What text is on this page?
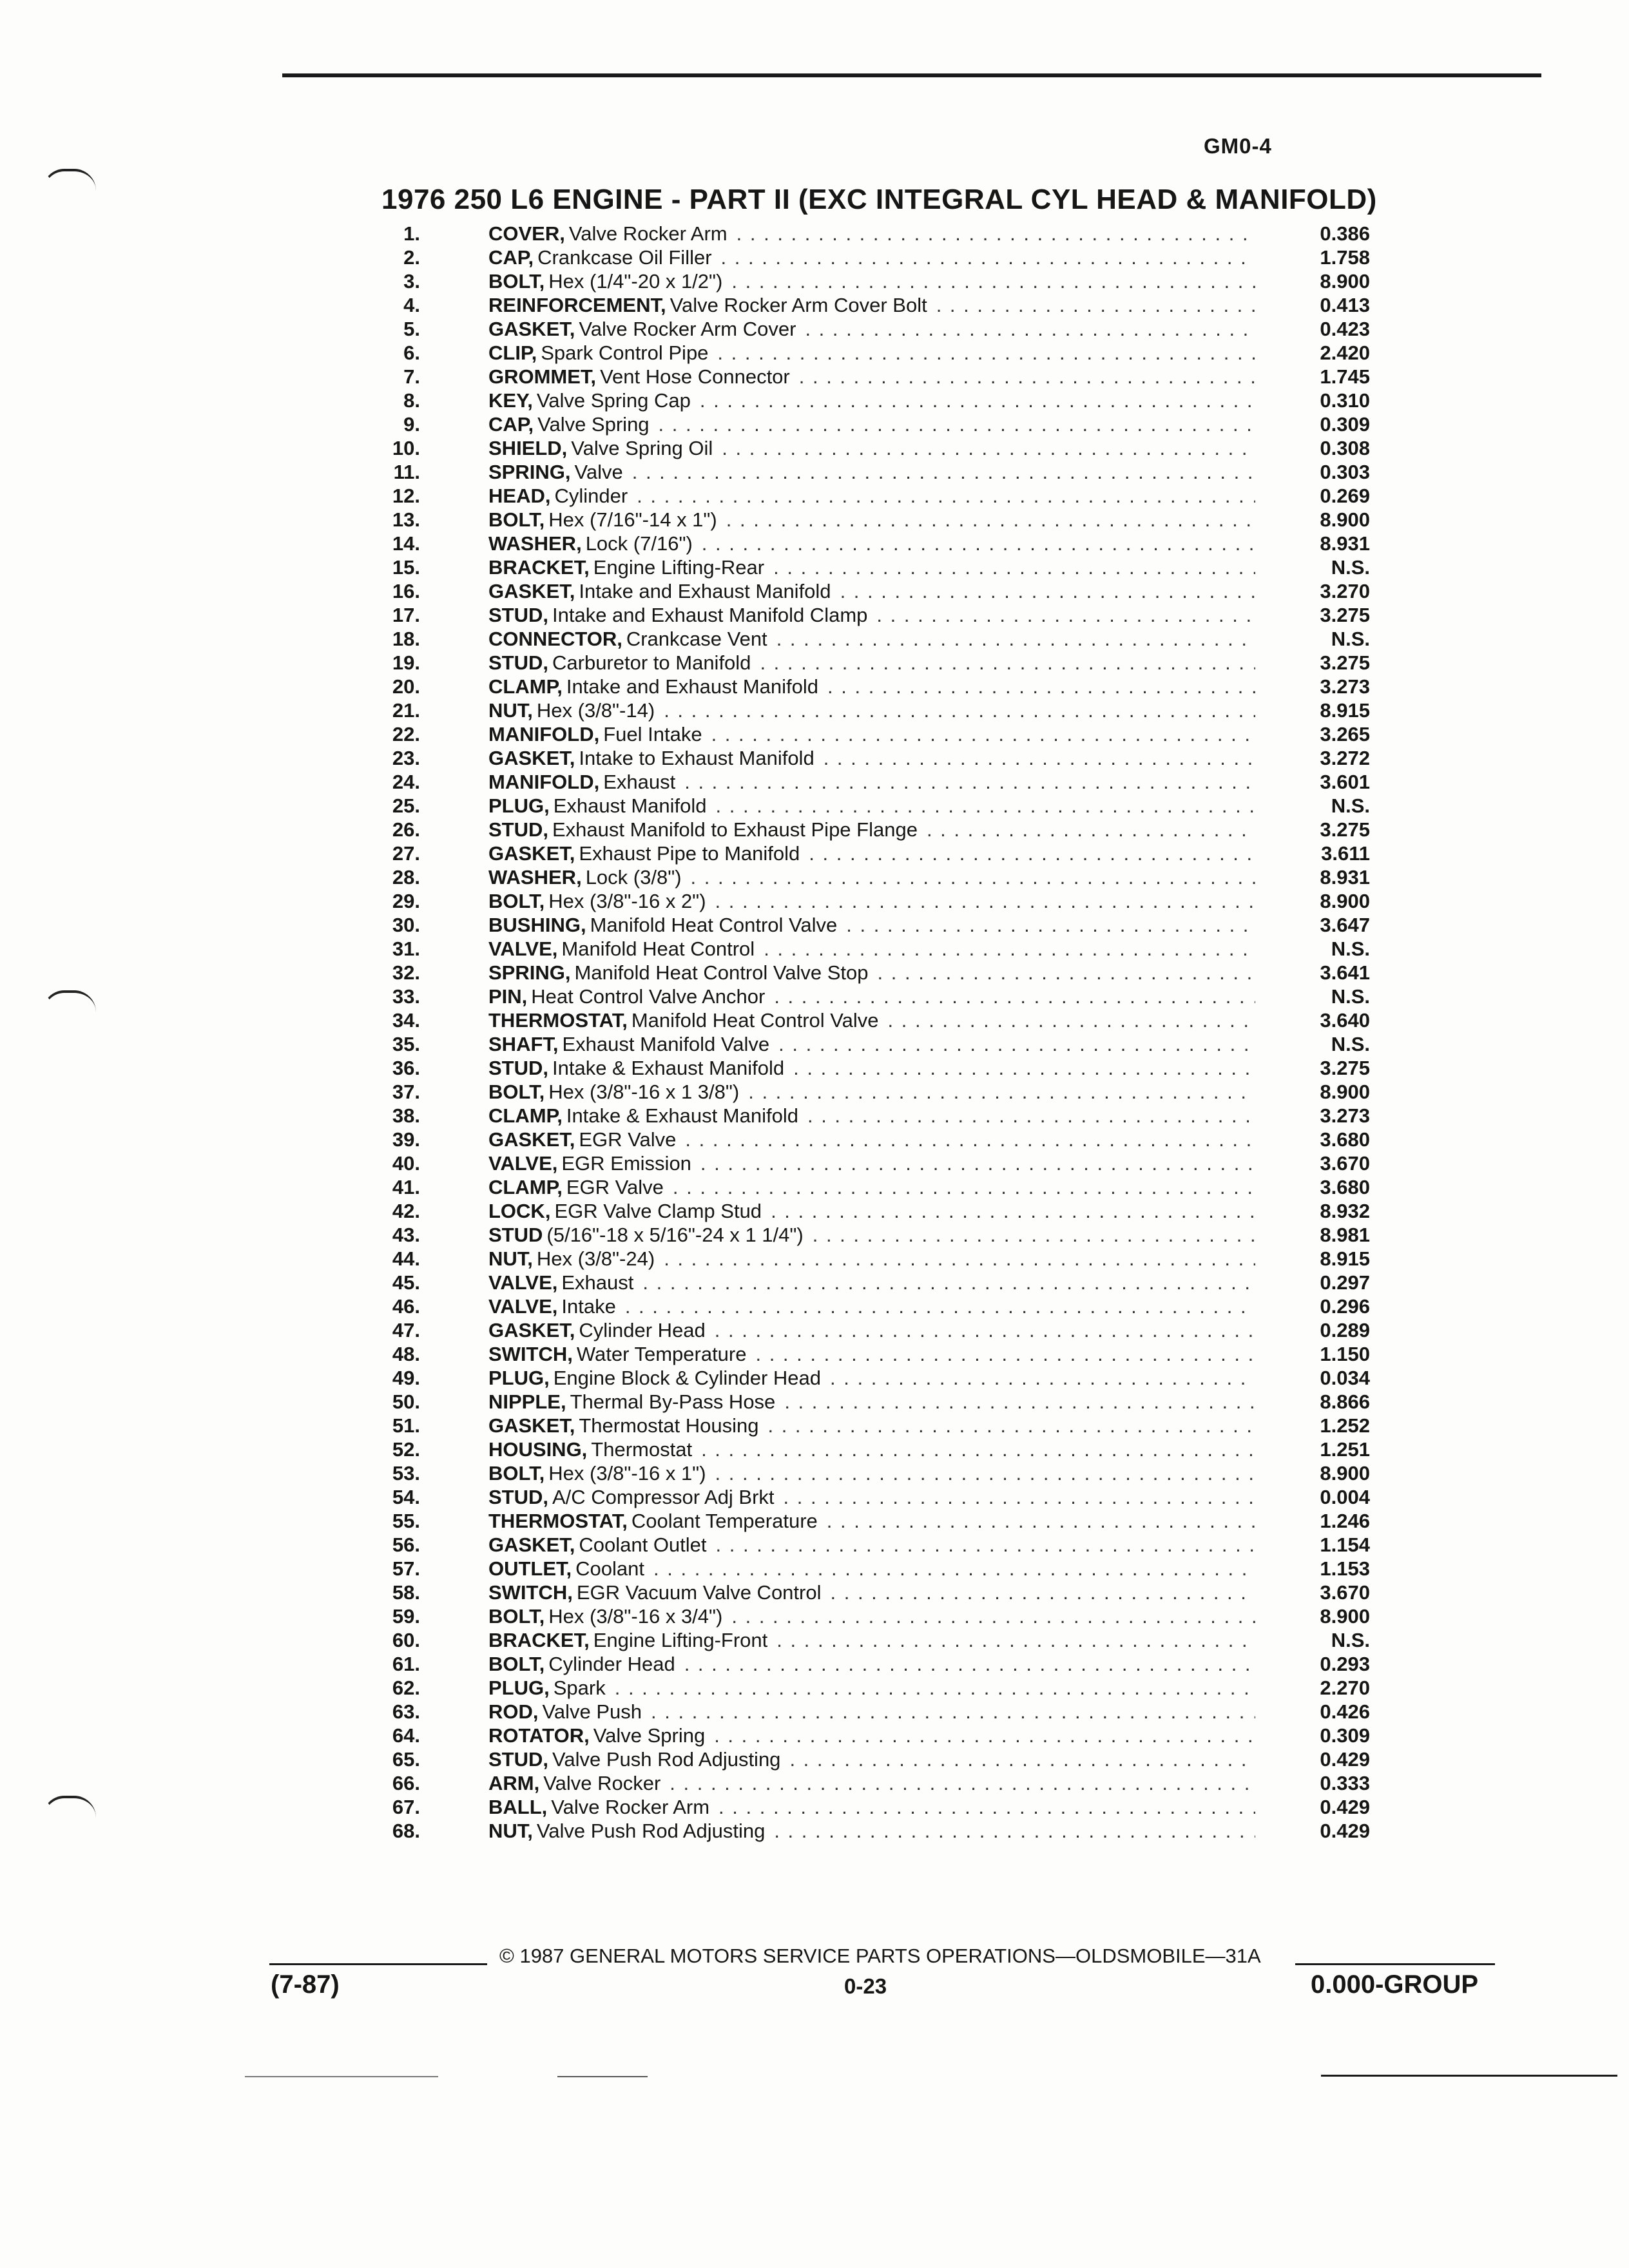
GM0-4
1976 250 L6 ENGINE - PART II (EXC INTEGRAL CYL HEAD & MANIFOLD)
1.	COVER, Valve Rocker Arm . . .	0.386
2.	CAP, Crankcase Oil Filler . . .	1.758
3.	BOLT, Hex (1/4"-20 x 1/2") . . .	8.900
4.	REINFORCEMENT, Valve Rocker Arm Cover Bolt . . .	0.413
5.	GASKET, Valve Rocker Arm Cover . . .	0.423
6.	CLIP, Spark Control Pipe . . .	2.420
7.	GROMMET, Vent Hose Connector . . .	1.745
8.	KEY, Valve Spring Cap . . .	0.310
9.	CAP, Valve Spring . . .	0.309
10.	SHIELD, Valve Spring Oil . . .	0.308
11.	SPRING, Valve . . .	0.303
12.	HEAD, Cylinder . . .	0.269
13.	BOLT, Hex (7/16"-14 x 1") . . .	8.900
14.	WASHER, Lock (7/16") . . .	8.931
15.	BRACKET, Engine Lifting-Rear . . .	N.S.
16.	GASKET, Intake and Exhaust Manifold . . .	3.270
17.	STUD, Intake and Exhaust Manifold Clamp . . .	3.275
18.	CONNECTOR, Crankcase Vent . . .	N.S.
19.	STUD, Carburetor to Manifold . . .	3.275
20.	CLAMP, Intake and Exhaust Manifold . . .	3.273
21.	NUT, Hex (3/8"-14) . . .	8.915
22.	MANIFOLD, Fuel Intake . . .	3.265
23.	GASKET, Intake to Exhaust Manifold . . .	3.272
24.	MANIFOLD, Exhaust . . .	3.601
25.	PLUG, Exhaust Manifold . . .	N.S.
26.	STUD, Exhaust Manifold to Exhaust Pipe Flange . . .	3.275
27.	GASKET, Exhaust Pipe to Manifold . . .	3.611
28.	WASHER, Lock (3/8") . . .	8.931
29.	BOLT, Hex (3/8"-16 x 2") . . .	8.900
30.	BUSHING, Manifold Heat Control Valve . . .	3.647
31.	VALVE, Manifold Heat Control . . .	N.S.
32.	SPRING, Manifold Heat Control Valve Stop . . .	3.641
33.	PIN, Heat Control Valve Anchor . . .	N.S.
34.	THERMOSTAT, Manifold Heat Control Valve . . .	3.640
35.	SHAFT, Exhaust Manifold Valve . . .	N.S.
36.	STUD, Intake & Exhaust Manifold . . .	3.275
37.	BOLT, Hex (3/8"-16 x 1 3/8") . . .	8.900
38.	CLAMP, Intake & Exhaust Manifold . . .	3.273
39.	GASKET, EGR Valve . . .	3.680
40.	VALVE, EGR Emission . . .	3.670
41.	CLAMP, EGR Valve . . .	3.680
42.	LOCK, EGR Valve Clamp Stud . . .	8.932
43.	STUD (5/16"-18 x 5/16"-24 x 1 1/4") . . .	8.981
44.	NUT, Hex (3/8"-24) . . .	8.915
45.	VALVE, Exhaust . . .	0.297
46.	VALVE, Intake . . .	0.296
47.	GASKET, Cylinder Head . . .	0.289
48.	SWITCH, Water Temperature . . .	1.150
49.	PLUG, Engine Block & Cylinder Head . . .	0.034
50.	NIPPLE, Thermal By-Pass Hose . . .	8.866
51.	GASKET, Thermostat Housing . . .	1.252
52.	HOUSING, Thermostat . . .	1.251
53.	BOLT, Hex (3/8"-16 x 1") . . .	8.900
54.	STUD, A/C Compressor Adj Brkt . . .	0.004
55.	THERMOSTAT, Coolant Temperature . . .	1.246
56.	GASKET, Coolant Outlet . . .	1.154
57.	OUTLET, Coolant . . .	1.153
58.	SWITCH, EGR Vacuum Valve Control . . .	3.670
59.	BOLT, Hex (3/8"-16 x 3/4") . . .	8.900
60.	BRACKET, Engine Lifting-Front . . .	N.S.
61.	BOLT, Cylinder Head . . .	0.293
62.	PLUG, Spark . . .	2.270
63.	ROD, Valve Push . . .	0.426
64.	ROTATOR, Valve Spring . . .	0.309
65.	STUD, Valve Push Rod Adjusting . . .	0.429
66.	ARM, Valve Rocker . . .	0.333
67.	BALL, Valve Rocker Arm . . .	0.429
68.	NUT, Valve Push Rod Adjusting . . .	0.429
© 1987 GENERAL MOTORS SERVICE PARTS OPERATIONS—OLDSMOBILE—31A
(7-87)	0-23	0.000-GROUP
